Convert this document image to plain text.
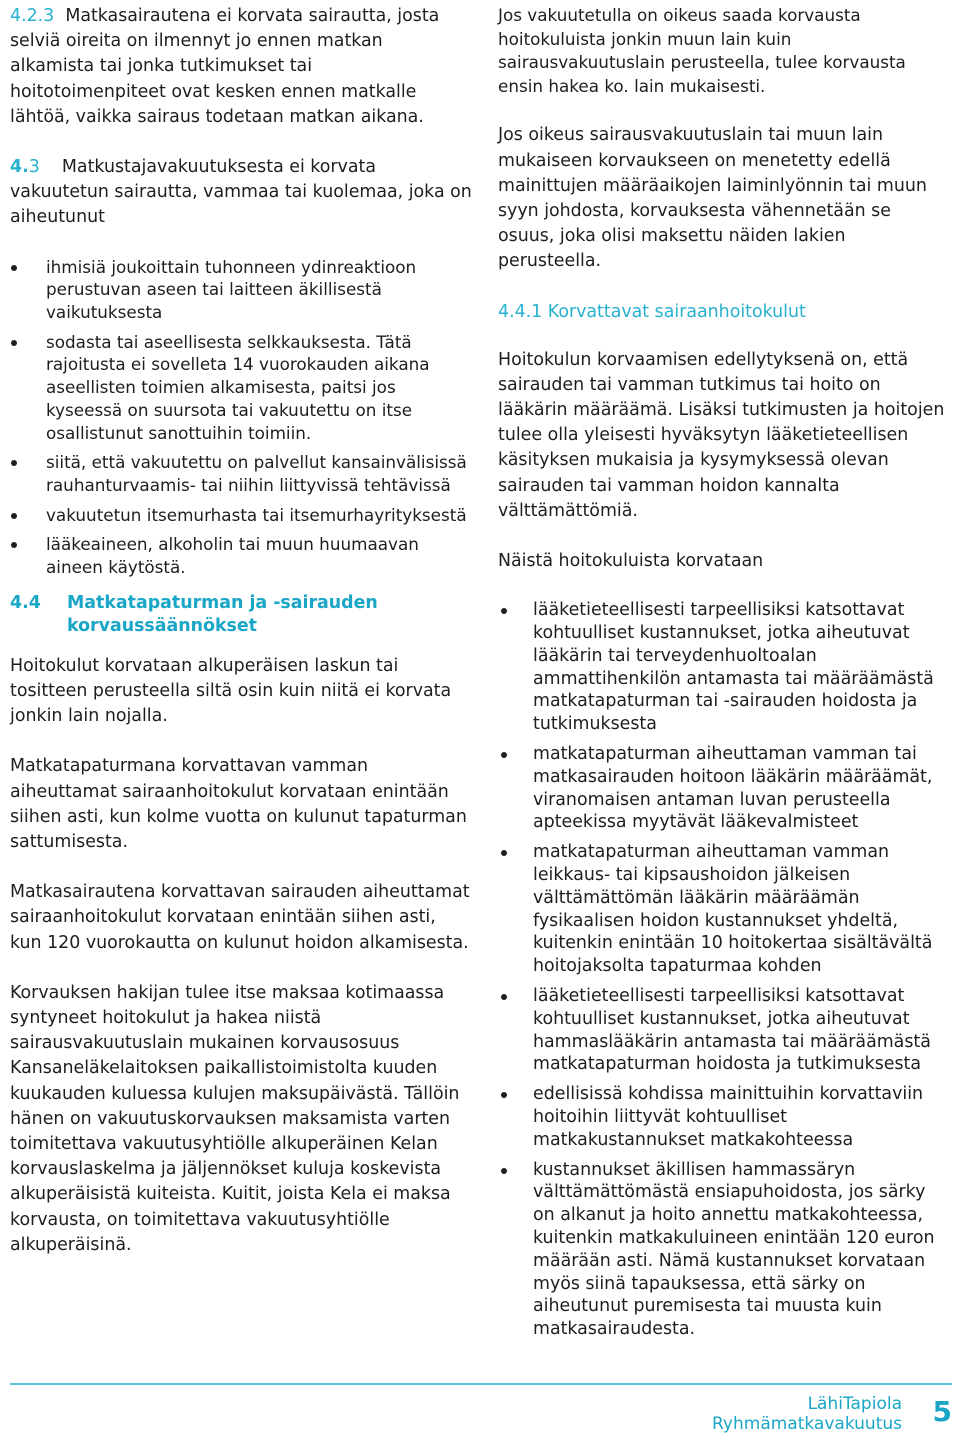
4.2.3 Matkasairautena ei korvata sairautta, josta selviä oireita on ilmennyt jo ennen matkan alkamista tai jonka tutkimukset tai hoitotoimenpiteet ovat kesken ennen matkalle lähtöä, vaikka sairaus todetaan matkan aikana.

4.3 Matkustajavakuutuksesta ei korvata vakuutetun sairautta, vammaa tai kuolemaa, joka on aiheutunut

ihmisiä joukoittain tuhonneen ydinreaktioon perustuvan aseen tai laitteen äkillisestä vaikutuksesta
sodasta tai aseellisesta selkkauksesta. Tätä rajoitusta ei sovelleta 14 vuorokauden aikana aseellisten toimien alkamisesta, paitsi jos kyseessä on suursota tai vakuutettu on itse osallistunut sanottuihin toimiin.
siitä, että vakuutettu on palvellut kansainvälisissä rauhanturvaamis- tai niihin liittyvissä tehtävissä
vakuutetun itsemurhasta tai itsemurhayrityksestä
lääkeaineen, alkoholin tai muun huumaavan aineen käytöstä.
4.4	Matkatapaturman ja -sairauden korvaussäännökset

Hoitokulut korvataan alkuperäisen laskun tai tositteen perusteella siltä osin kuin niitä ei korvata jonkin lain nojalla.

Matkatapaturmana korvattavan vamman aiheuttamat sairaanhoitokulut korvataan enintään siihen asti, kun kolme vuotta on kulunut tapaturman sattumisesta.

Matkasairautena korvattavan sairauden aiheuttamat sairaanhoitokulut korvataan enintään siihen asti, kun 120 vuorokautta on kulunut hoidon alkamisesta.

Korvauksen hakijan tulee itse maksaa kotimaassa syntyneet hoitokulut ja hakea niistä sairausvakuutuslain mukainen korvausosuus Kansaneläkelaitoksen paikallistoimistolta kuuden kuukauden kuluessa kulujen maksupäivästä. Tällöin hänen on vakuutuskorvauksen maksamista varten toimitettava vakuutusyhtiölle alkuperäinen Kelan korvauslaskelma ja jäljennökset kuluja koskevista alkuperäisistä kuiteista. Kuitit, joista Kela ei maksa korvausta, on toimitettava vakuutusyhtiölle alkuperäisinä.

Jos vakuutetulla on oikeus saada korvausta hoitokuluista jonkin muun lain kuin sairausvakuutuslain perusteella, tulee korvausta ensin hakea ko. lain mukaisesti.

Jos oikeus sairausvakuutuslain tai muun lain mukaiseen korvaukseen on menetetty edellä mainittujen määräaikojen laiminlyönnin tai muun syyn johdosta, korvauksesta vähennetään se osuus, joka olisi maksettu näiden lakien perusteella.

4.4.1 Korvattavat sairaanhoitokulut

Hoitokulun korvaamisen edellytyksenä on, että sairauden tai vamman tutkimus tai hoito on lääkärin määräämä. Lisäksi tutkimusten ja hoitojen tulee olla yleisesti hyväksytyn lääketieteellisen käsityksen mukaisia ja kysymyksessä olevan sairauden tai vamman hoidon kannalta välttämättömiä.

Näistä hoitokuluista korvataan

lääketieteellisesti tarpeellisiksi katsottavat kohtuulliset kustannukset, jotka aiheutuvat lääkärin tai terveydenhuoltoalan ammattihenkilön antamasta tai määräämästä matkatapaturman tai -sairauden hoidosta ja tutkimuksesta
matkatapaturman aiheuttaman vamman tai matkasairauden hoitoon lääkärin määräämät, viranomaisen antaman luvan perusteella apteekissa myytävät lääkevalmisteet
matkatapaturman aiheuttaman vamman leikkaus- tai kipsaushoidon jälkeisen välttämättömän lääkärin määräämän fysikaalisen hoidon kustannukset yhdeltä, kuitenkin enintään 10 hoitokertaa sisältävältä hoitojaksolta tapaturmaa kohden
lääketieteellisesti tarpeellisiksi katsottavat kohtuulliset kustannukset, jotka aiheutuvat hammaslääkärin antamasta tai määräämästä matkatapaturman hoidosta ja tutkimuksesta
edellisissä kohdissa mainittuihin korvattaviin hoitoihin liittyvät kohtuulliset matkakustannukset matkakohteessa
kustannukset äkillisen hammassäryn välttämättömästä ensiapuhoidosta, jos särky on alkanut ja hoito annettu matkakohteessa, kuitenkin matkakuluineen enintään 120 euron määrään asti. Nämä kustannukset korvataan myös siinä tapauksessa, että särky on aiheutunut puremisesta tai muusta kuin matkasairaudesta.
LähiTapiola
Ryhmämatkavakuutus 5
